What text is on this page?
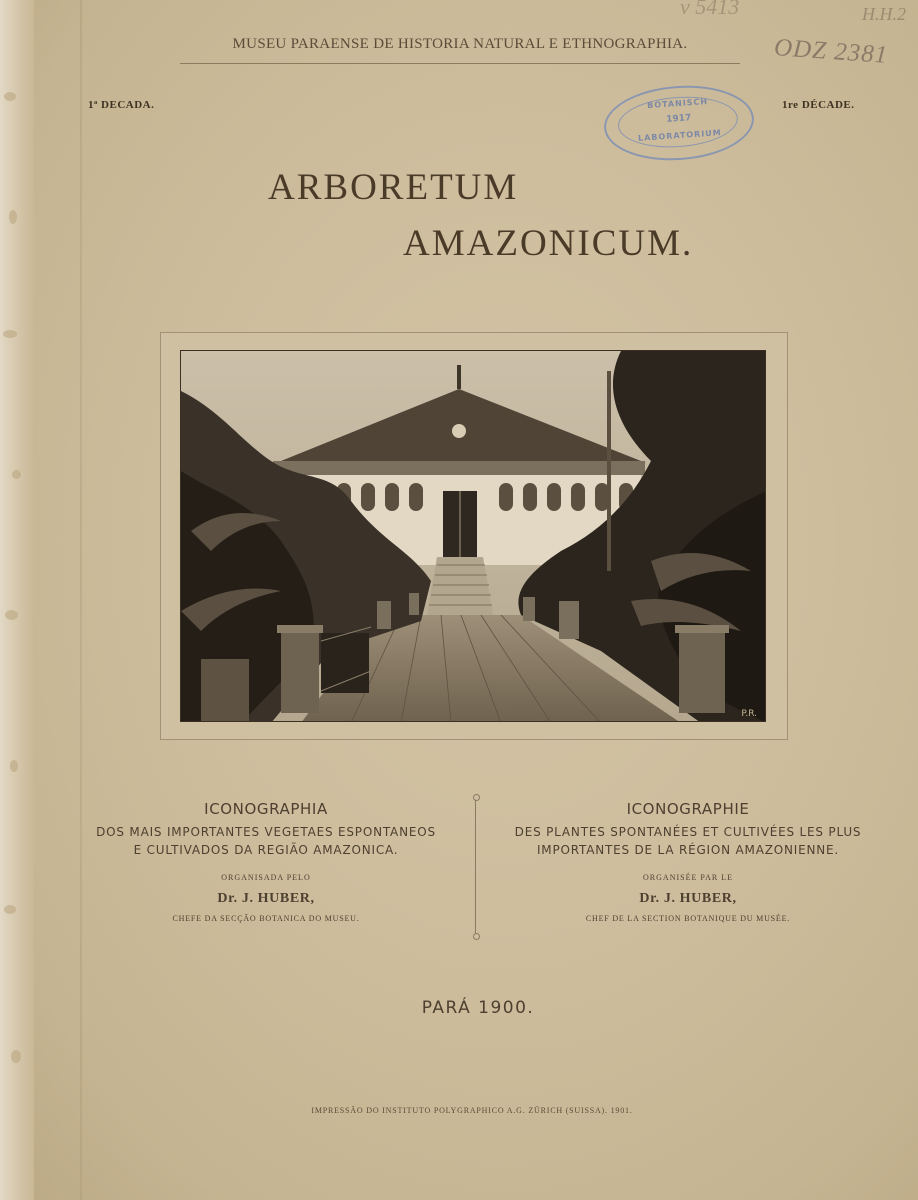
v 5413	H.H.2
ODZ 2381
MUSEU PARAENSE DE HISTORIA NATURAL E ETHNOGRAPHIA.
1ª DECADA.	1re DÉCADE.
BOTANISCH
1917
LABORATORIUM
ARBORETUM
AMAZONICUM.
P.R.
ICONOGRAPHIA
DOS MAIS IMPORTANTES VEGETAES ESPONTANEOS
E CULTIVADOS DA REGIÃO AMAZONICA.
ORGANISADA PELO
Dr. J. HUBER,
CHEFE DA SECÇÃO BOTANICA DO MUSEU.
ICONOGRAPHIE
DES PLANTES SPONTANÉES ET CULTIVÉES LES PLUS
IMPORTANTES DE LA RÉGION AMAZONIENNE.
ORGANISÉE PAR LE
Dr. J. HUBER,
CHEF DE LA SECTION BOTANIQUE DU MUSÉE.
PARÁ 1900.
IMPRESSÃO DO INSTITUTO POLYGRAPHICO A.G. ZÜRICH (SUISSA). 1901.
